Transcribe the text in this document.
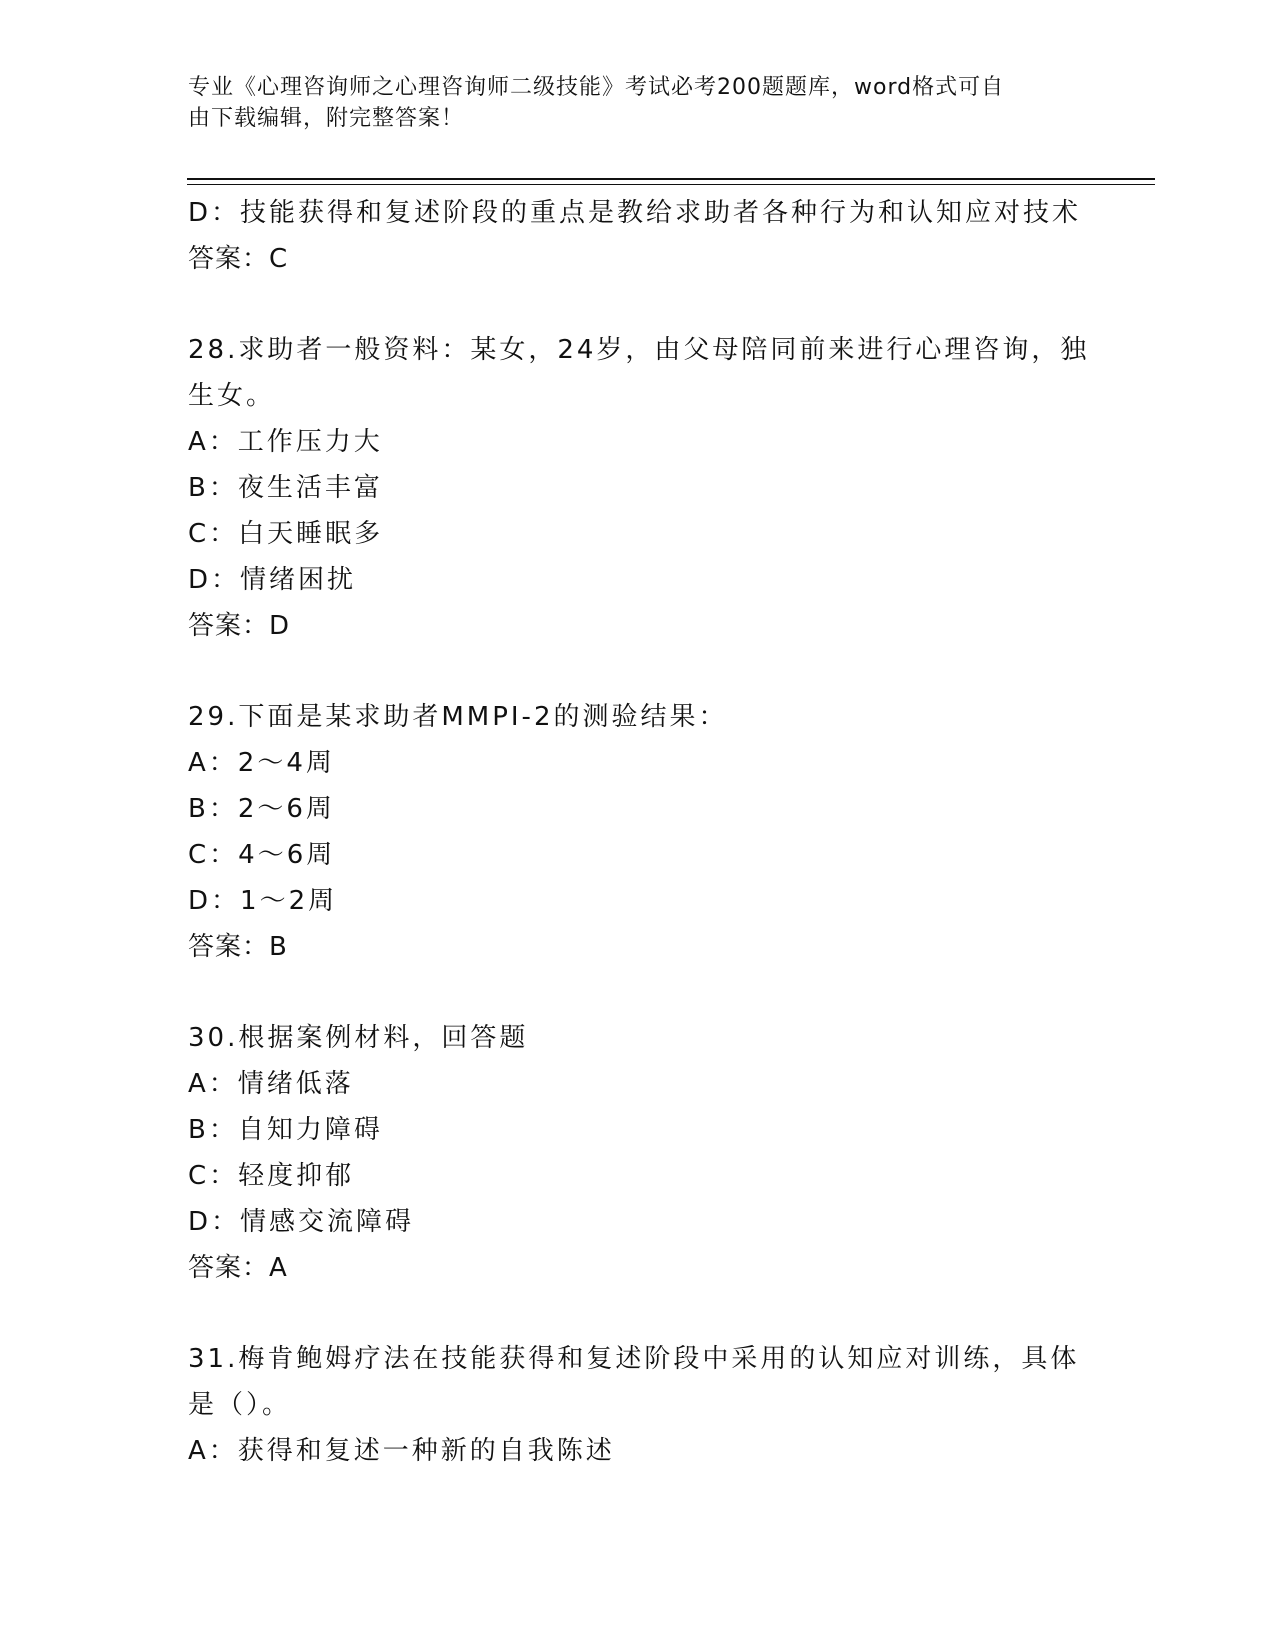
专业《心理咨询师之心理咨询师二级技能》考试必考200题题库，word格式可自
由下载编辑，附完整答案！
D：技能获得和复述阶段的重点是教给求助者各种行为和认知应对技术
答案：C
28.求助者一般资料：某女，24岁，由父母陪同前来进行心理咨询，独
生女。
A：工作压力大
B：夜生活丰富
C：白天睡眠多
D：情绪困扰
答案：D
29.下面是某求助者MMPI-2的测验结果：
A：2～4周
B：2～6周
C：4～6周
D：1～2周
答案：B
30.根据案例材料，回答题
A：情绪低落
B：自知力障碍
C：轻度抑郁
D：情感交流障碍
答案：A
31.梅肯鲍姆疗法在技能获得和复述阶段中采用的认知应对训练，具体
是（）。
A：获得和复述一种新的自我陈述
